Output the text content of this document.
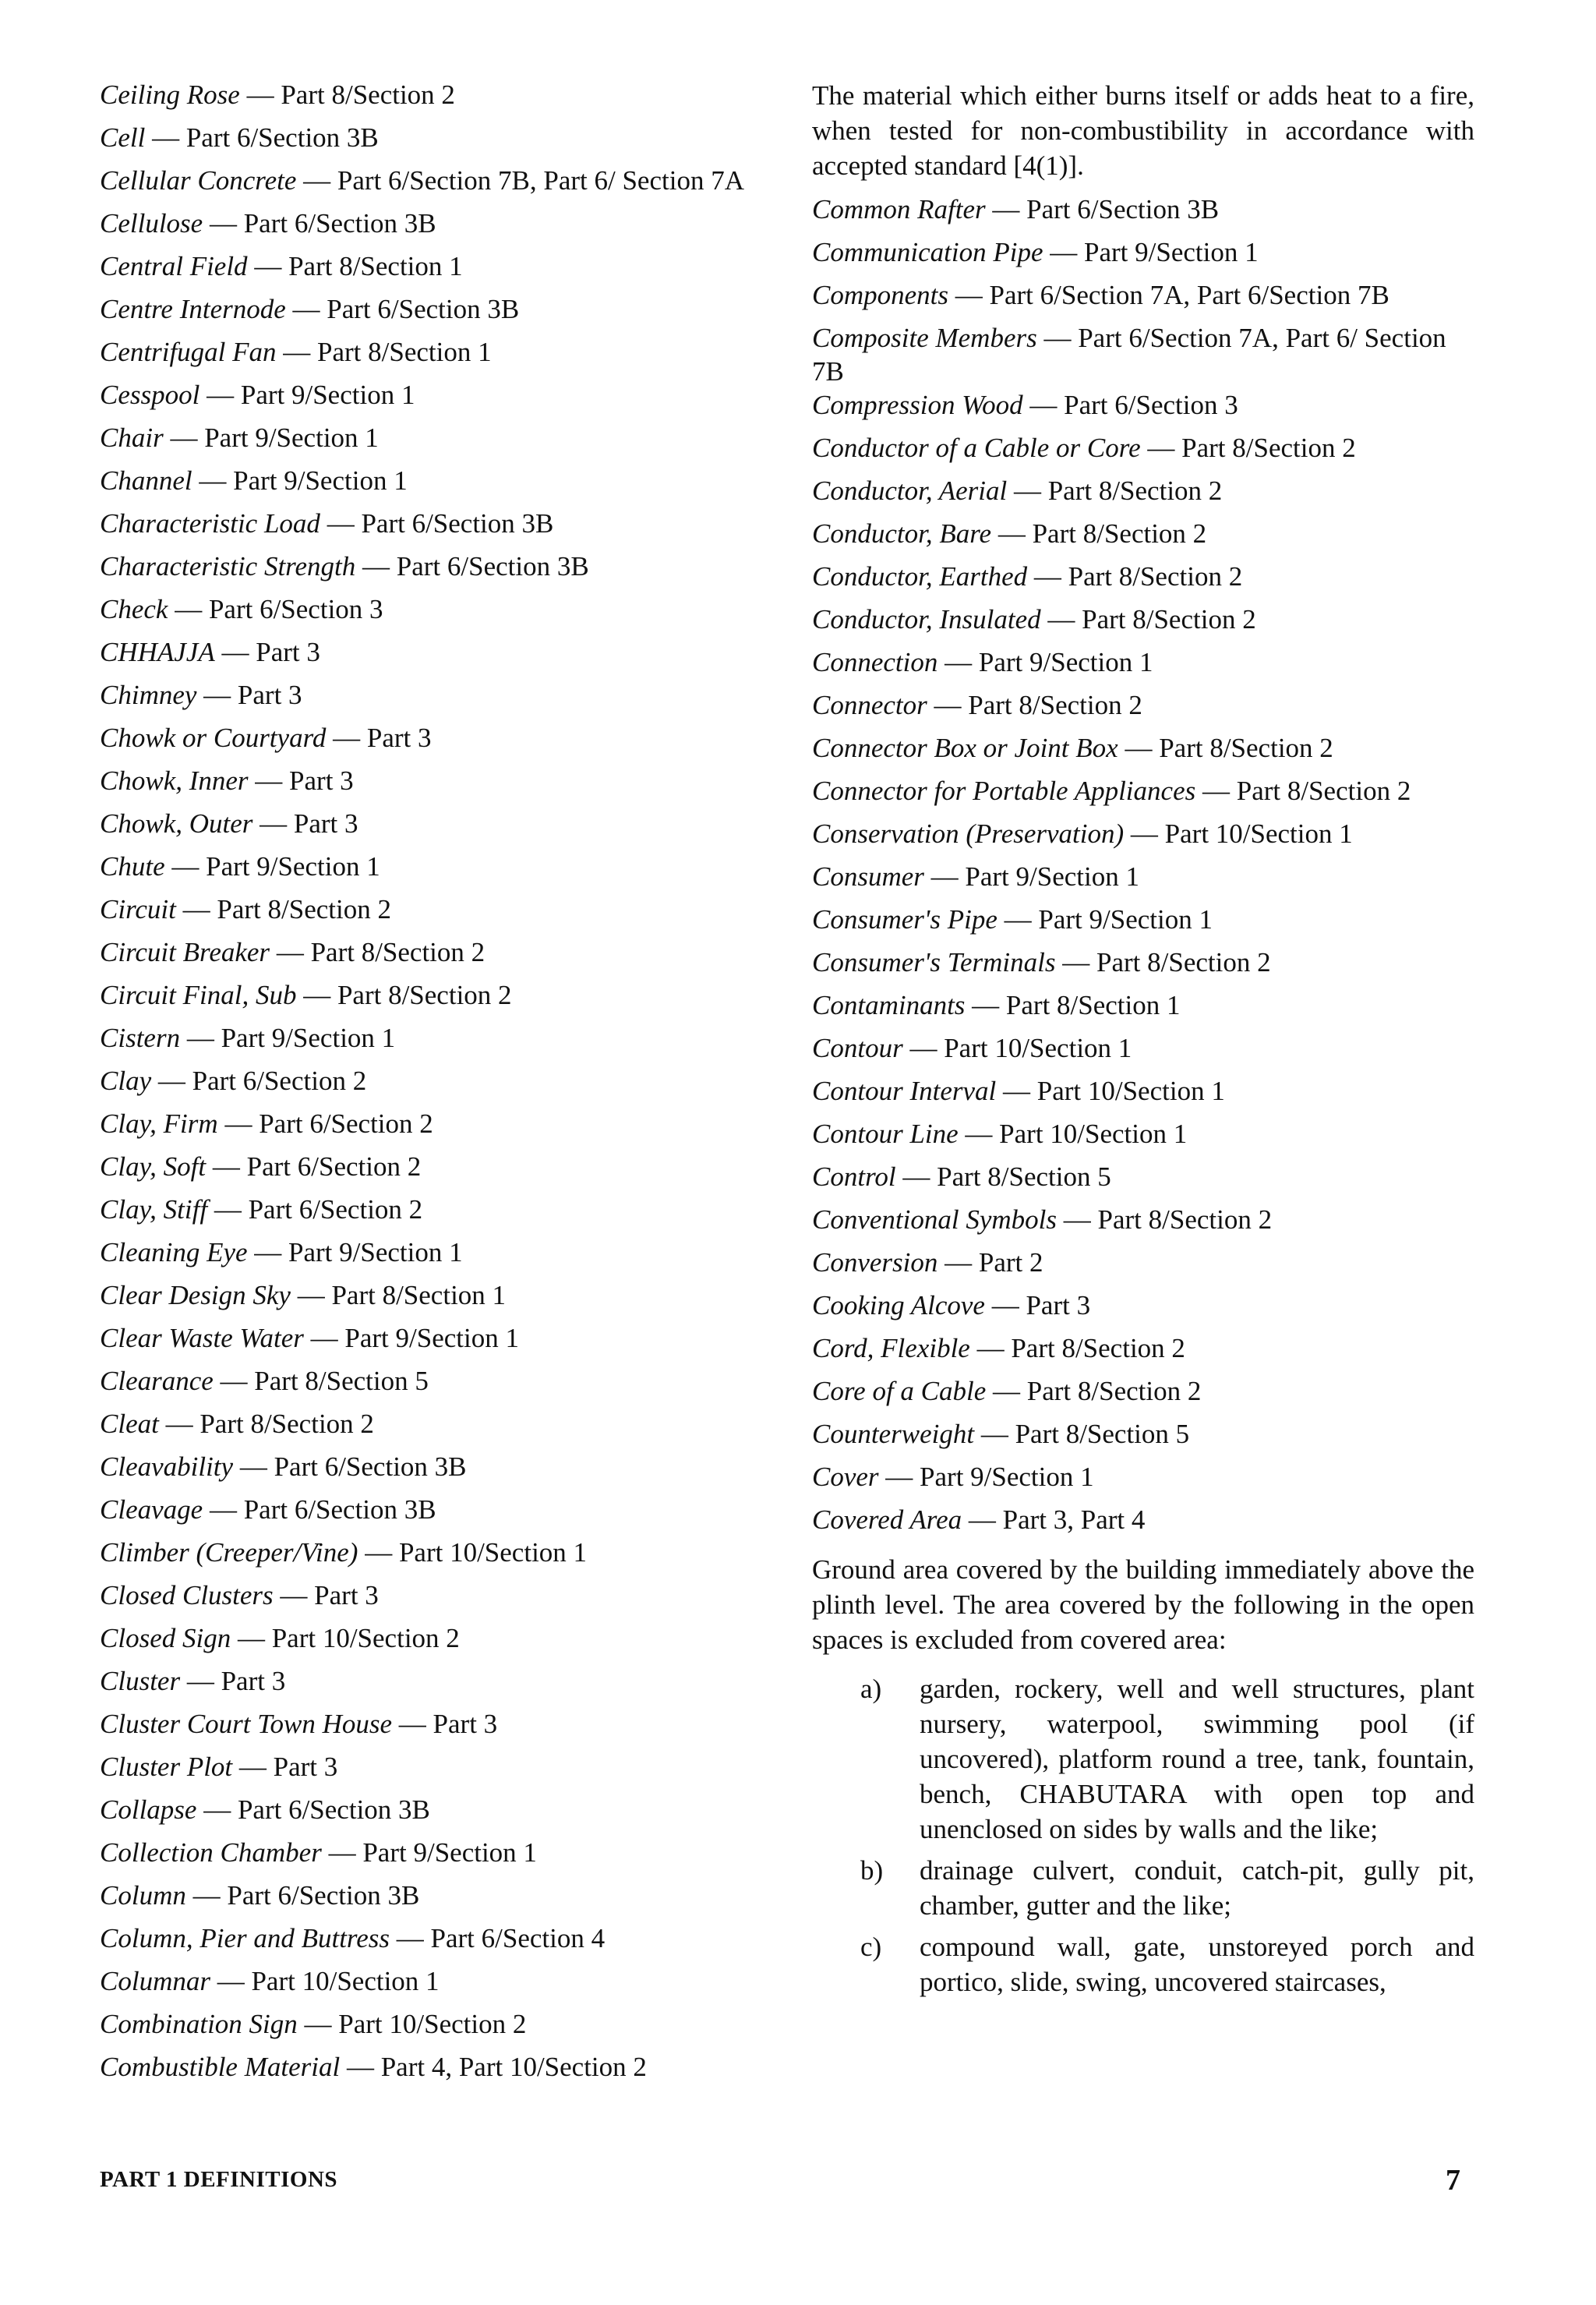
Ceiling Rose — Part 8/Section 2

Cell — Part 6/Section 3B

Cellular Concrete — Part 6/Section 7B, Part 6/ Section 7A

Cellulose — Part 6/Section 3B

Central Field — Part 8/Section 1

Centre Internode — Part 6/Section 3B

Centrifugal Fan — Part 8/Section 1

Cesspool — Part 9/Section 1

Chair — Part 9/Section 1

Channel — Part 9/Section 1

Characteristic Load — Part 6/Section 3B

Characteristic Strength — Part 6/Section 3B

Check — Part 6/Section 3

CHHAJJA — Part 3

Chimney — Part 3

Chowk or Courtyard — Part 3

Chowk, Inner — Part 3

Chowk, Outer — Part 3

Chute — Part 9/Section 1

Circuit — Part 8/Section 2

Circuit Breaker — Part 8/Section 2

Circuit Final, Sub — Part 8/Section 2

Cistern — Part 9/Section 1

Clay — Part 6/Section 2

Clay, Firm — Part 6/Section 2

Clay, Soft — Part 6/Section 2

Clay, Stiff — Part 6/Section 2

Cleaning Eye — Part 9/Section 1

Clear Design Sky — Part 8/Section 1

Clear Waste Water — Part 9/Section 1

Clearance — Part 8/Section 5

Cleat — Part 8/Section 2

Cleavability — Part 6/Section 3B

Cleavage — Part 6/Section 3B

Climber (Creeper/Vine) — Part 10/Section 1

Closed Clusters — Part 3

Closed Sign — Part 10/Section 2

Cluster — Part 3

Cluster Court Town House — Part 3

Cluster Plot — Part 3

Collapse — Part 6/Section 3B

Collection Chamber — Part 9/Section 1

Column — Part 6/Section 3B

Column, Pier and Buttress — Part 6/Section 4

Columnar — Part 10/Section 1

Combination Sign — Part 10/Section 2

Combustible Material — Part 4, Part 10/Section 2

The material which either burns itself or adds heat to a fire, when tested for non-combustibility in accordance with accepted standard [4(1)].

Common Rafter — Part 6/Section 3B

Communication Pipe — Part 9/Section 1

Components — Part 6/Section 7A, Part 6/Section 7B

Composite Members — Part 6/Section 7A, Part 6/ Section 7B

Compression Wood — Part 6/Section 3

Conductor of a Cable or Core — Part 8/Section 2

Conductor, Aerial — Part 8/Section 2

Conductor, Bare — Part 8/Section 2

Conductor, Earthed — Part 8/Section 2

Conductor, Insulated — Part 8/Section 2

Connection — Part 9/Section 1

Connector — Part 8/Section 2

Connector Box or Joint Box — Part 8/Section 2

Connector for Portable Appliances — Part 8/Section 2

Conservation (Preservation) — Part 10/Section 1

Consumer — Part 9/Section 1

Consumer's Pipe — Part 9/Section 1

Consumer's Terminals — Part 8/Section 2

Contaminants — Part 8/Section 1

Contour — Part 10/Section 1

Contour Interval — Part 10/Section 1

Contour Line — Part 10/Section 1

Control — Part 8/Section 5

Conventional Symbols — Part 8/Section 2

Conversion — Part 2

Cooking Alcove — Part 3

Cord, Flexible — Part 8/Section 2

Core of a Cable — Part 8/Section 2

Counterweight — Part 8/Section 5

Cover — Part 9/Section 1

Covered Area — Part 3, Part 4

Ground area covered by the building immediately above the plinth level. The area covered by the following in the open spaces is excluded from covered area:

a) garden, rockery, well and well structures, plant nursery, waterpool, swimming pool (if uncovered), platform round a tree, tank, fountain, bench, CHABUTARA with open top and unenclosed on sides by walls and the like;
b) drainage culvert, conduit, catch-pit, gully pit, chamber, gutter and the like;
c) compound wall, gate, unstoreyed porch and portico, slide, swing, uncovered staircases,
PART 1 DEFINITIONS	7
